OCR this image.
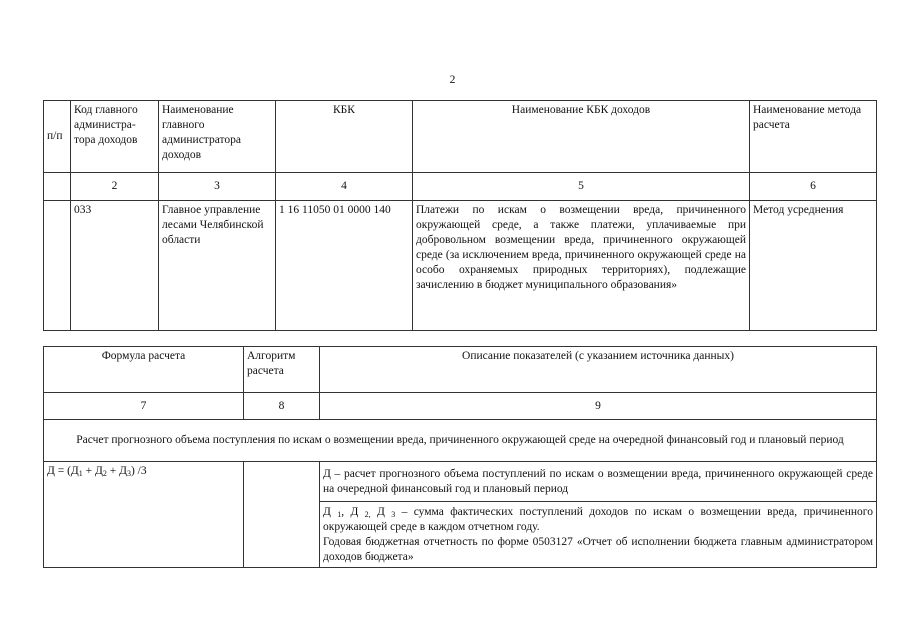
2
п/п	Код главного администра-тора доходов	Наименование главного администратора доходов	КБК	Наименование КБК доходов	Наименование метода расчета
	2	3	4	5	6
	033	Главное управление лесами Челябинской области	1 16 11050 01 0000 140	Платежи по искам о возмещении вреда, причиненного окружающей среде, а также платежи, уплачиваемые при добровольном возмещении вреда, причиненного окружающей среде (за исключением вреда, причиненного окружающей среде на особо охраняемых природных территориях), подлежащие зачислению в бюджет муниципального образования»	Метод усреднения
Формула расчета	Алгоритм расчета	Описание показателей (с указанием источника данных)
7	8	9
Расчет прогнозного объема поступления по искам о возмещении вреда, причиненного окружающей среде на очередной финансовый год и плановый период		
$Д = (Д_1 + Д_2 + Д_3)$ /3		Д – расчет прогнозного объема поступлений по искам о возмещении вреда, причиненного окружающей среде на очередной финансовый год и плановый период

		Д $_1$, Д $_{2,}$ Д $_3$ – сумма фактических поступлений доходов по искам о возмещении вреда, причиненного окружающей среде в каждом отчетном году.
Годовая бюджетная отчетность по форме 0503127 «Отчет об исполнении бюджета главным администратором доходов бюджета»
